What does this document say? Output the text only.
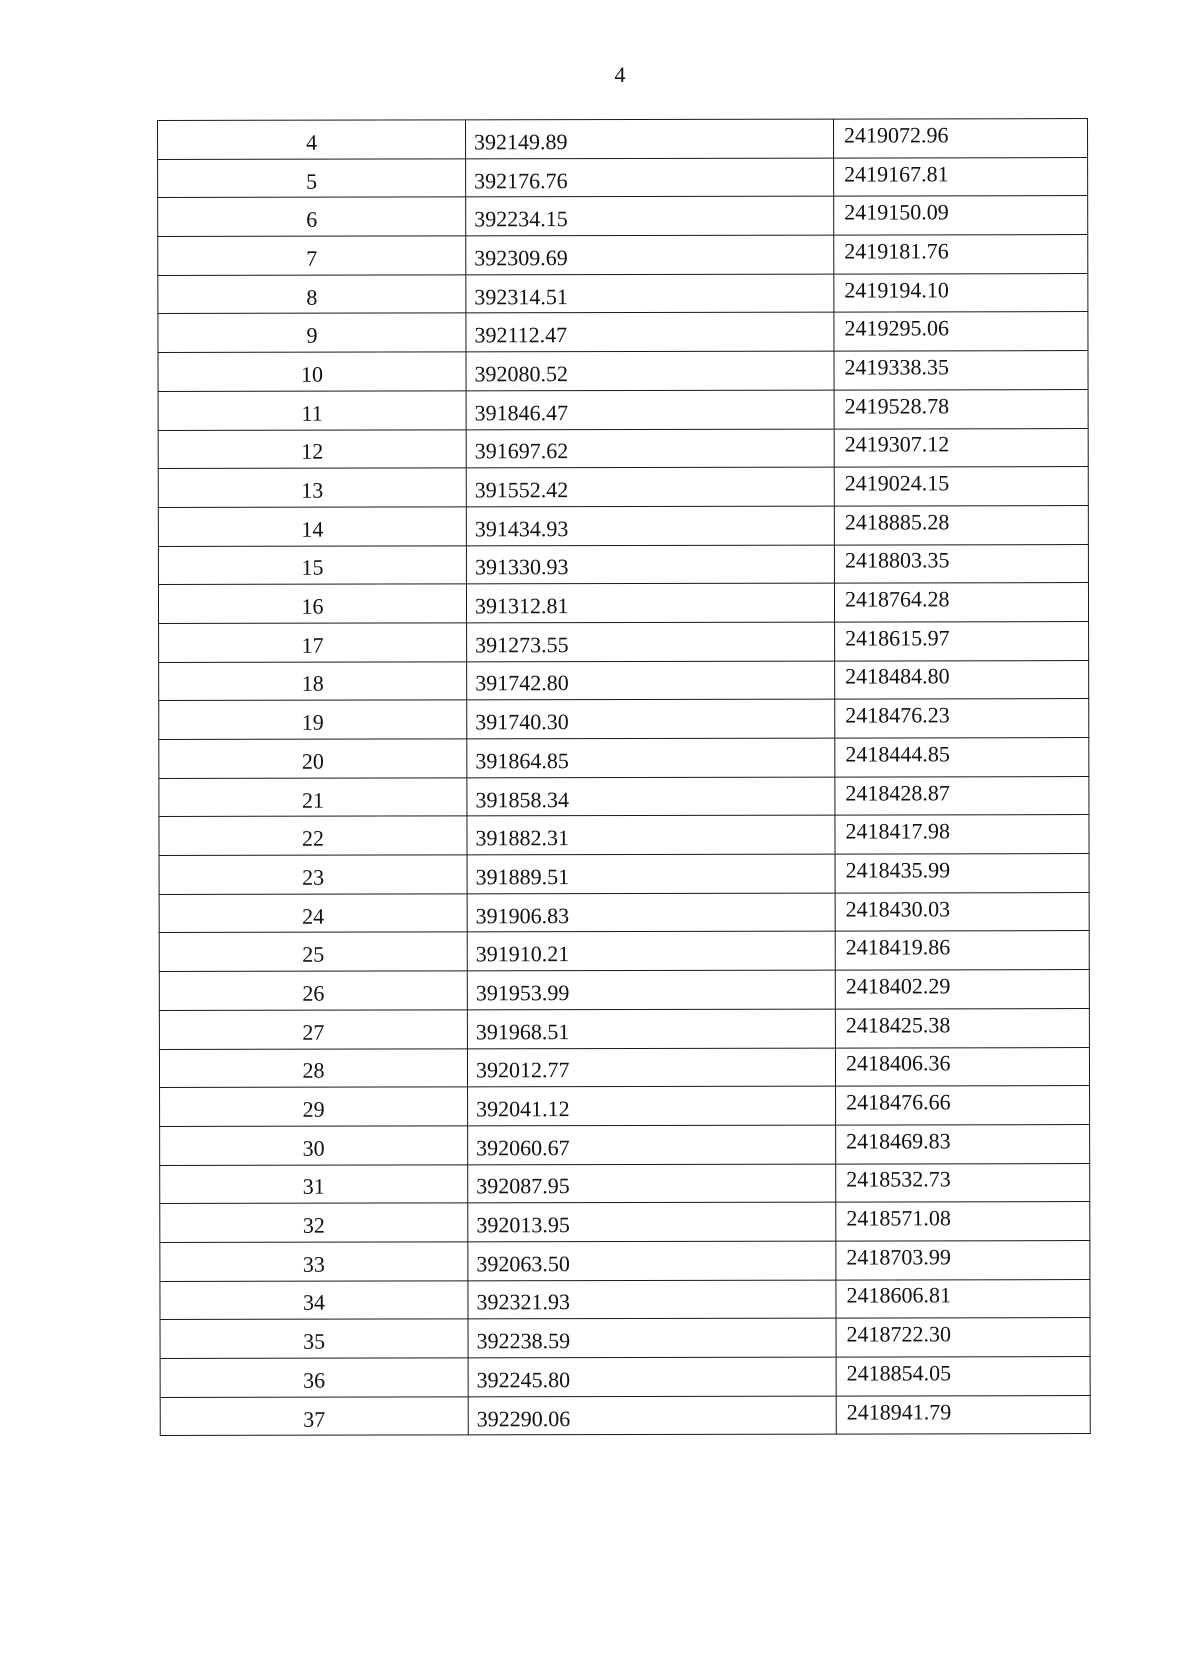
4
4	392149.89	2419072.96
5	392176.76	2419167.81
6	392234.15	2419150.09
7	392309.69	2419181.76
8	392314.51	2419194.10
9	392112.47	2419295.06
10	392080.52	2419338.35
11	391846.47	2419528.78
12	391697.62	2419307.12
13	391552.42	2419024.15
14	391434.93	2418885.28
15	391330.93	2418803.35
16	391312.81	2418764.28
17	391273.55	2418615.97
18	391742.80	2418484.80
19	391740.30	2418476.23
20	391864.85	2418444.85
21	391858.34	2418428.87
22	391882.31	2418417.98
23	391889.51	2418435.99
24	391906.83	2418430.03
25	391910.21	2418419.86
26	391953.99	2418402.29
27	391968.51	2418425.38
28	392012.77	2418406.36
29	392041.12	2418476.66
30	392060.67	2418469.83
31	392087.95	2418532.73
32	392013.95	2418571.08
33	392063.50	2418703.99
34	392321.93	2418606.81
35	392238.59	2418722.30
36	392245.80	2418854.05
37	392290.06	2418941.79
